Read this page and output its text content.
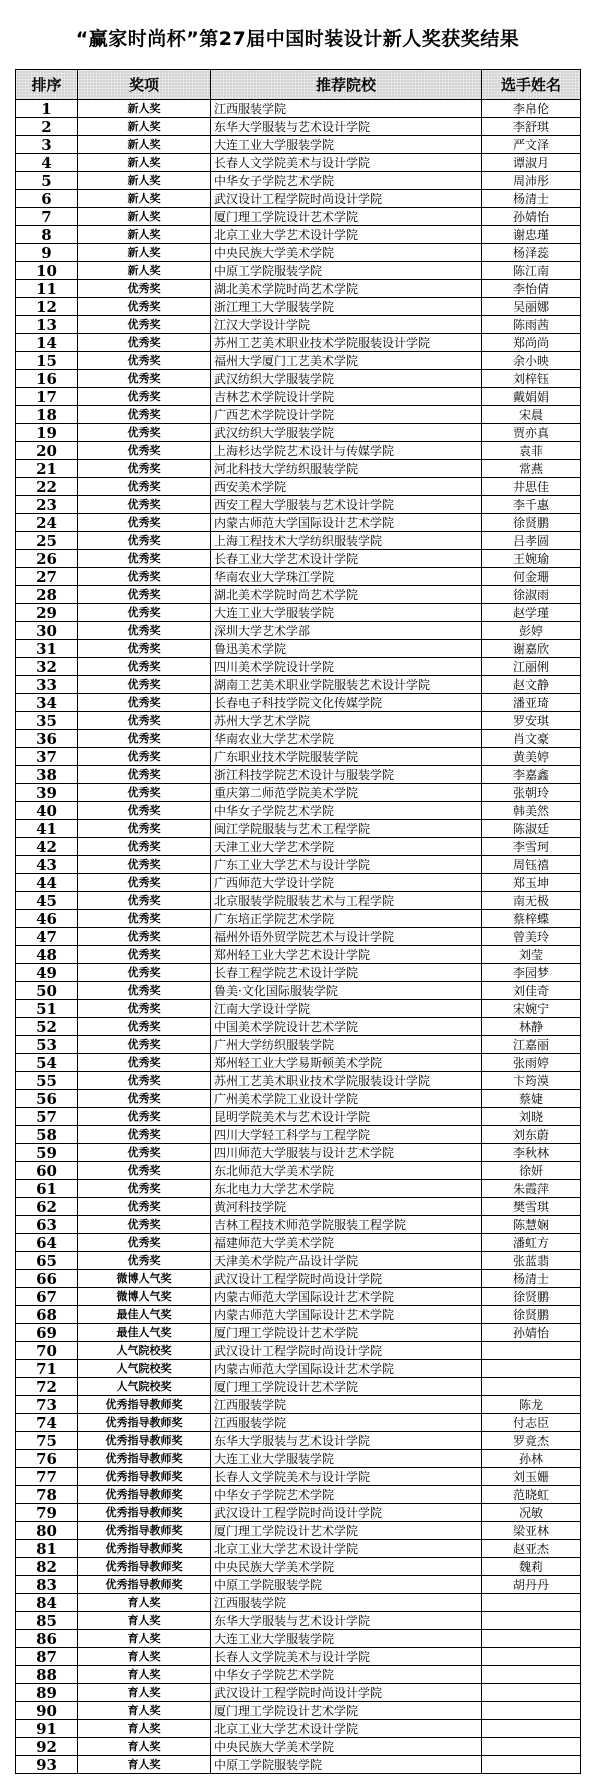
“赢家时尚杯”第27届中国时装设计新人奖获奖结果
排序	奖项	推荐院校	选手姓名
1	新人奖	江西服装学院	李帛伦
2	新人奖	东华大学服装与艺术设计学院	李舒琪
3	新人奖	大连工业大学服装学院	严文泽
4	新人奖	长春人文学院美术与设计学院	谭淑月
5	新人奖	中华女子学院艺术学院	周沛彤
6	新人奖	武汉设计工程学院时尚设计学院	杨清士
7	新人奖	厦门理工学院设计艺术学院	孙婧怡
8	新人奖	北京工业大学艺术设计学院	谢忠瑾
9	新人奖	中央民族大学美术学院	杨泽蕊
10	新人奖	中原工学院服装学院	陈江南
11	优秀奖	湖北美术学院时尚艺术学院	李怡倩
12	优秀奖	浙江理工大学服装学院	吴丽娜
13	优秀奖	江汉大学设计学院	陈雨茜
14	优秀奖	苏州工艺美术职业技术学院服装设计学院	郑尚尚
15	优秀奖	福州大学厦门工艺美术学院	余小映
16	优秀奖	武汉纺织大学服装学院	刘梓钰
17	优秀奖	吉林艺术学院设计学院	戴娟娟
18	优秀奖	广西艺术学院设计学院	宋晨
19	优秀奖	武汉纺织大学服装学院	贾亦真
20	优秀奖	上海杉达学院艺术设计与传媒学院	袁菲
21	优秀奖	河北科技大学纺织服装学院	常燕
22	优秀奖	西安美术学院	井思佳
23	优秀奖	西安工程大学服装与艺术设计学院	李千惠
24	优秀奖	内蒙古师范大学国际设计艺术学院	徐贤鹏
25	优秀奖	上海工程技术大学纺织服装学院	吕孝圆
26	优秀奖	长春工业大学艺术设计学院	王婉瑜
27	优秀奖	华南农业大学珠江学院	何金珊
28	优秀奖	湖北美术学院时尚艺术学院	徐淑雨
29	优秀奖	大连工业大学服装学院	赵学瑾
30	优秀奖	深圳大学艺术学部	彭婷
31	优秀奖	鲁迅美术学院	谢嘉欣
32	优秀奖	四川美术学院设计学院	江丽俐
33	优秀奖	湖南工艺美术职业学院服装艺术设计学院	赵文静
34	优秀奖	长春电子科技学院文化传媒学院	潘亚琦
35	优秀奖	苏州大学艺术学院	罗安琪
36	优秀奖	华南农业大学艺术学院	肖文豪
37	优秀奖	广东职业技术学院服装学院	黄美婷
38	优秀奖	浙江科技学院艺术设计与服装学院	李嘉鑫
39	优秀奖	重庆第二师范学院美术学院	张朝玲
40	优秀奖	中华女子学院艺术学院	韩美然
41	优秀奖	闽江学院服装与艺术工程学院	陈淑廷
42	优秀奖	天津工业大学艺术学院	李雪珂
43	优秀奖	广东工业大学艺术与设计学院	周钰禧
44	优秀奖	广西师范大学设计学院	郑玉坤
45	优秀奖	北京服装学院服装艺术与工程学院	南无极
46	优秀奖	广东培正学院艺术学院	蔡梓蝶
47	优秀奖	福州外语外贸学院艺术与设计学院	曾美玲
48	优秀奖	郑州轻工业大学艺术设计学院	刘莹
49	优秀奖	长春工程学院艺术设计学院	李园梦
50	优秀奖	鲁美·文化国际服装学院	刘佳奇
51	优秀奖	江南大学设计学院	宋婉宁
52	优秀奖	中国美术学院设计艺术学院	林静
53	优秀奖	广州大学纺织服装学院	江嘉丽
54	优秀奖	郑州轻工业大学易斯顿美术学院	张雨婷
55	优秀奖	苏州工艺美术职业技术学院服装设计学院	卞筠漠
56	优秀奖	广州美术学院工业设计学院	蔡婕
57	优秀奖	昆明学院美术与艺术设计学院	刘晓
58	优秀奖	四川大学轻工科学与工程学院	刘东蔚
59	优秀奖	四川师范大学服装与设计艺术学院	李秋林
60	优秀奖	东北师范大学美术学院	徐妍
61	优秀奖	东北电力大学艺术学院	朱霞萍
62	优秀奖	黄河科技学院	樊雪琪
63	优秀奖	吉林工程技术师范学院服装工程学院	陈慧娴
64	优秀奖	福建师范大学美术学院	潘虹方
65	优秀奖	天津美术学院产品设计学院	张蓝翡
66	微博人气奖	武汉设计工程学院时尚设计学院	杨清士
67	微博人气奖	内蒙古师范大学国际设计艺术学院	徐贤鹏
68	最佳人气奖	内蒙古师范大学国际设计艺术学院	徐贤鹏
69	最佳人气奖	厦门理工学院设计艺术学院	孙婧怡
70	人气院校奖	武汉设计工程学院时尚设计学院	
71	人气院校奖	内蒙古师范大学国际设计艺术学院	
72	人气院校奖	厦门理工学院设计艺术学院	
73	优秀指导教师奖	江西服装学院	陈龙
74	优秀指导教师奖	江西服装学院	付志臣
75	优秀指导教师奖	东华大学服装与艺术设计学院	罗竟杰
76	优秀指导教师奖	大连工业大学服装学院	孙林
77	优秀指导教师奖	长春人文学院美术与设计学院	刘玉姗
78	优秀指导教师奖	中华女子学院艺术学院	范晓虹
79	优秀指导教师奖	武汉设计工程学院时尚设计学院	况敏
80	优秀指导教师奖	厦门理工学院设计艺术学院	梁亚林
81	优秀指导教师奖	北京工业大学艺术设计学院	赵亚杰
82	优秀指导教师奖	中央民族大学美术学院	魏莉
83	优秀指导教师奖	中原工学院服装学院	胡丹丹
84	育人奖	江西服装学院	
85	育人奖	东华大学服装与艺术设计学院	
86	育人奖	大连工业大学服装学院	
87	育人奖	长春人文学院美术与设计学院	
88	育人奖	中华女子学院艺术学院	
89	育人奖	武汉设计工程学院时尚设计学院	
90	育人奖	厦门理工学院设计艺术学院	
91	育人奖	北京工业大学艺术设计学院	
92	育人奖	中央民族大学美术学院	
93	育人奖	中原工学院服装学院	
